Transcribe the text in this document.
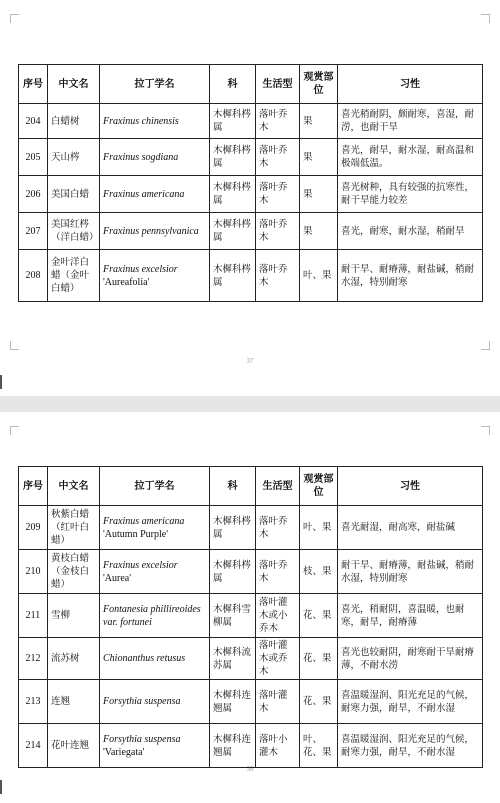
37
38
序号	中文名	拉丁学名	科	生活型	观赏部位	习性
204	白蜡树	Fraxinus chinensis	木樨科梣属	落叶乔木	果	喜光稍耐阴，颇耐寒，喜湿，耐涝，也耐干旱
205	天山梣	Fraxinus sogdiana	木樨科梣属	落叶乔木	果	喜光，耐旱，耐水湿，耐高温和极端低温。
206	美国白蜡	Fraxinus americana	木樨科梣属	落叶乔木	果	喜光树种，具有较强的抗寒性，耐干旱能力较差
207	美国红梣（洋白蜡）	Fraxinus pennsylvanica	木樨科梣属	落叶乔木	果	喜光，耐寒，耐水湿，稍耐旱
208	金叶洋白蜡（金叶白蜡）	Fraxinus excelsior
'Aureafolia'	木樨科梣属	落叶乔木	叶、果	耐干旱、耐瘠薄，耐盐碱，稍耐水湿，特别耐寒
序号	中文名	拉丁学名	科	生活型	观赏部位	习性
209	秋紫白蜡（红叶白蜡）	Fraxinus americana
'Autumn Purple'	木樨科梣属	落叶乔木	叶、果	喜光耐湿，耐高寒，耐盐碱
210	黄枝白蜡（金枝白蜡）	Fraxinus excelsior 'Aurea'	木樨科梣属	落叶乔木	枝、果	耐干旱、耐瘠薄，耐盐碱，稍耐水湿，特别耐寒
211	雪柳	Fontanesia phillireoides var. fortunei	木樨科雪柳属	落叶灌木或小乔木	花、果	喜光，稍耐阴，喜温暖，也耐寒，耐旱，耐瘠薄
212	流苏树	Chionanthus retusus	木樨科流苏属	落叶灌木或乔木	花、果	喜光也较耐阴，耐寒耐干旱耐瘠薄，不耐水涝
213	连翘	Forsythia suspensa	木樨科连翘属	落叶灌木	花、果	喜温暖湿润、阳光充足的气候，耐寒力强，耐旱，不耐水湿
214	花叶连翘	Forsythia suspensa
'Variegata'	木樨科连翘属	落叶小灌木	叶、花、果	喜温暖湿润、阳光充足的气候，耐寒力强，耐旱，不耐水湿
